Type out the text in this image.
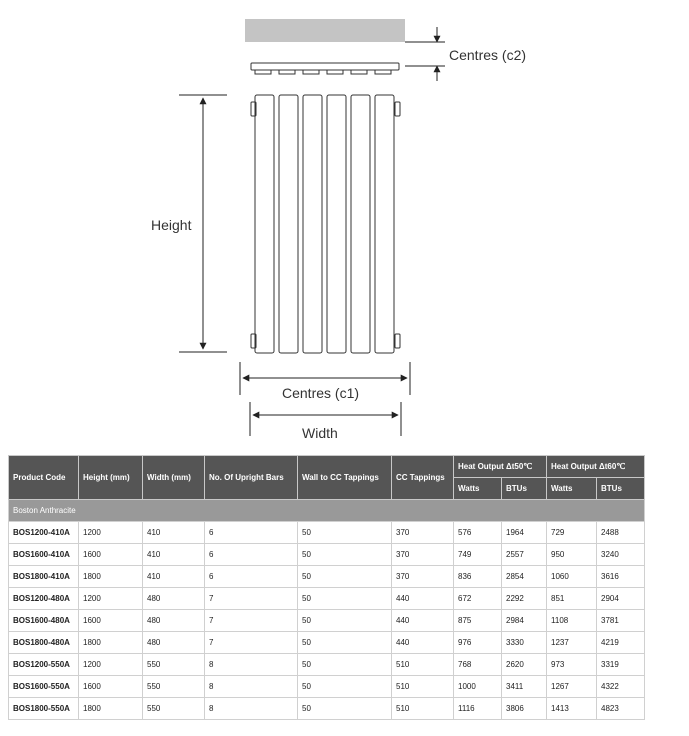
Centres (c2)
Height
Centres (c1)
Width
Product Code	Height (mm)	Width (mm)	No. Of Upright Bars	Wall to CC Tappings	CC Tappings	Heat Output Δt50℃		Heat Output Δt60℃	
						Watts	BTUs	Watts	BTUs
Boston Anthracite									
BOS1200-410A	1200	410	6	50	370	576	1964	729	2488
BOS1600-410A	1600	410	6	50	370	749	2557	950	3240
BOS1800-410A	1800	410	6	50	370	836	2854	1060	3616
BOS1200-480A	1200	480	7	50	440	672	2292	851	2904
BOS1600-480A	1600	480	7	50	440	875	2984	1108	3781
BOS1800-480A	1800	480	7	50	440	976	3330	1237	4219
BOS1200-550A	1200	550	8	50	510	768	2620	973	3319
BOS1600-550A	1600	550	8	50	510	1000	3411	1267	4322
BOS1800-550A	1800	550	8	50	510	1116	3806	1413	4823
